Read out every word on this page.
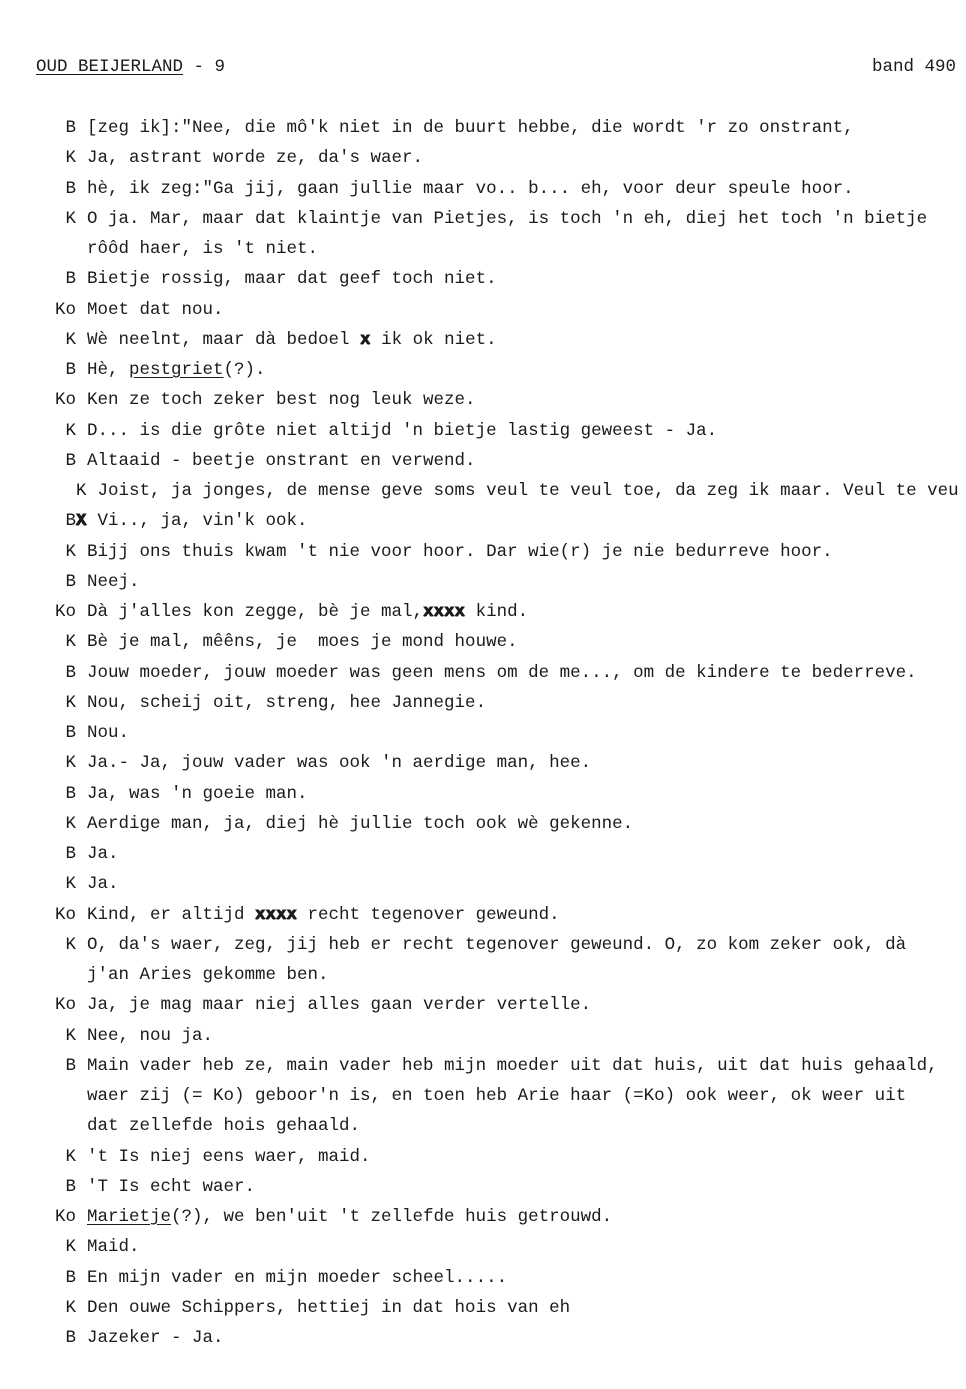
OUD BEIJERLAND - 9	band 490
B [zeg ik]:"Nee, die mô'k niet in de buurt hebbe, die wordt 'r zo onstrant,
K Ja, astrant worde ze, da's waer.
B hè, ik zeg:"Ga jij, gaan jullie maar vo.. b... eh, voor deur speule hoor.
K O ja. Mar, maar dat klaintje van Pietjes, is toch 'n eh, diej het toch 'n bietje
rôôd haer, is 't niet.
B Bietje rossig, maar dat geef toch niet.
Ko Moet dat nou.
K Wè neelnt, maar dà bedoel x ik ok niet.
B Hè, pestgriet(?).
Ko Ken ze toch zeker best nog leuk weze.
K D... is die grôte niet altijd 'n bietje lastig geweest - Ja.
B Altaaid - beetje onstrant en verwend.
K Joist, ja jonges, de mense geve soms veul te veul toe, da zeg ik maar. Veul te veu
BX Vi.., ja, vin'k ook.
K Bijj ons thuis kwam 't nie voor hoor. Dar wie(r) je nie bedurreve hoor.
B Neej.
Ko Dà j'alles kon zegge, bè je mal,xxxx kind.
K Bè je mal, mêêns, je  moes je mond houwe.
B Jouw moeder, jouw moeder was geen mens om de me..., om de kindere te bederreve.
K Nou, scheij oit, streng, hee Jannegie.
B Nou.
K Ja.- Ja, jouw vader was ook 'n aerdige man, hee.
B Ja, was 'n goeie man.
K Aerdige man, ja, diej hè jullie toch ook wè gekenne.
B Ja.
K Ja.
Ko Kind, er altijd xxxx recht tegenover geweund.
K O, da's waer, zeg, jij heb er recht tegenover geweund. O, zo kom zeker ook, dà
j'an Aries gekomme ben.
Ko Ja, je mag maar niej alles gaan verder vertelle.
K Nee, nou ja.
B Main vader heb ze, main vader heb mijn moeder uit dat huis, uit dat huis gehaald,
waer zij (= Ko) geboor'n is, en toen heb Arie haar (=Ko) ook weer, ok weer uit
dat zellefde hois gehaald.
K 't Is niej eens waer, maid.
B 'T Is echt waer.
Ko Marietje(?), we ben'uit 't zellefde huis getrouwd.
K Maid.
B En mijn vader en mijn moeder scheel.....
K Den ouwe Schippers, hettiej in dat hois van eh
B Jazeker - Ja.
